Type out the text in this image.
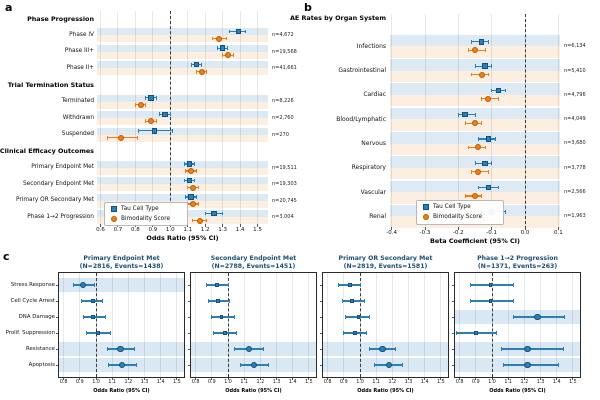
a	b
c
0.6	0.7	0.8	0.9	1.0	1.1	1.2	1.3	1.4	1.5
Phase Progression
Phase IV	n=4,672
Phase III+	n=19,568
Phase II+	n=41,661
Trial Termination Status
Terminated	n=8,226
Withdrawn	n=2,760
Suspended	n=270
Clinical Efficacy Outcomes
Primary Endpoint Met	n=19,511
Secondary Endpoint Met	n=19,303
Primary OR Secondary Met	n=20,745
Phase 1→2 Progression	n=3,004
Odds Ratio (95% CI)
Tau Cell Type
Bimodality Score
AE Rates by Organ System
-0.4	-0.3	-0.2	-0.1	0.0	0.1
Infections	n=6,134
Gastrointestinal	n=5,410
Cardiac	n=4,796
Blood/Lymphatic	n=4,049
Nervous	n=3,680
Respiratory	n=3,778
Vascular	n=2,566
Renal	n=1,963
Beta Coefficient (95% CI)
Tau Cell Type
Bimodality Score
Primary Endpoint Met
(N=2816, Events=1438)
0.8	0.9	1.0	1.1	1.2	1.3	1.4	1.5
Stress Response
Cell Cycle Arrest
DNA Damage
Prolif. Suppression
Resistance
Apoptosis
Odds Ratio (95% CI)
Secondary Endpoint Met
(N=2788, Events=1451)
0.8	0.9	1.0	1.1	1.2	1.3	1.4	1.5
Odds Ratio (95% CI)
Primary OR Secondary Met
(N=2819, Events=1581)
0.8	0.9	1.0	1.1	1.2	1.3	1.4	1.5
Odds Ratio (95% CI)
Phase 1→2 Progression
(N=1371, Events=263)
0.8	0.9	1.0	1.1	1.2	1.3	1.4	1.5
Odds Ratio (95% CI)
